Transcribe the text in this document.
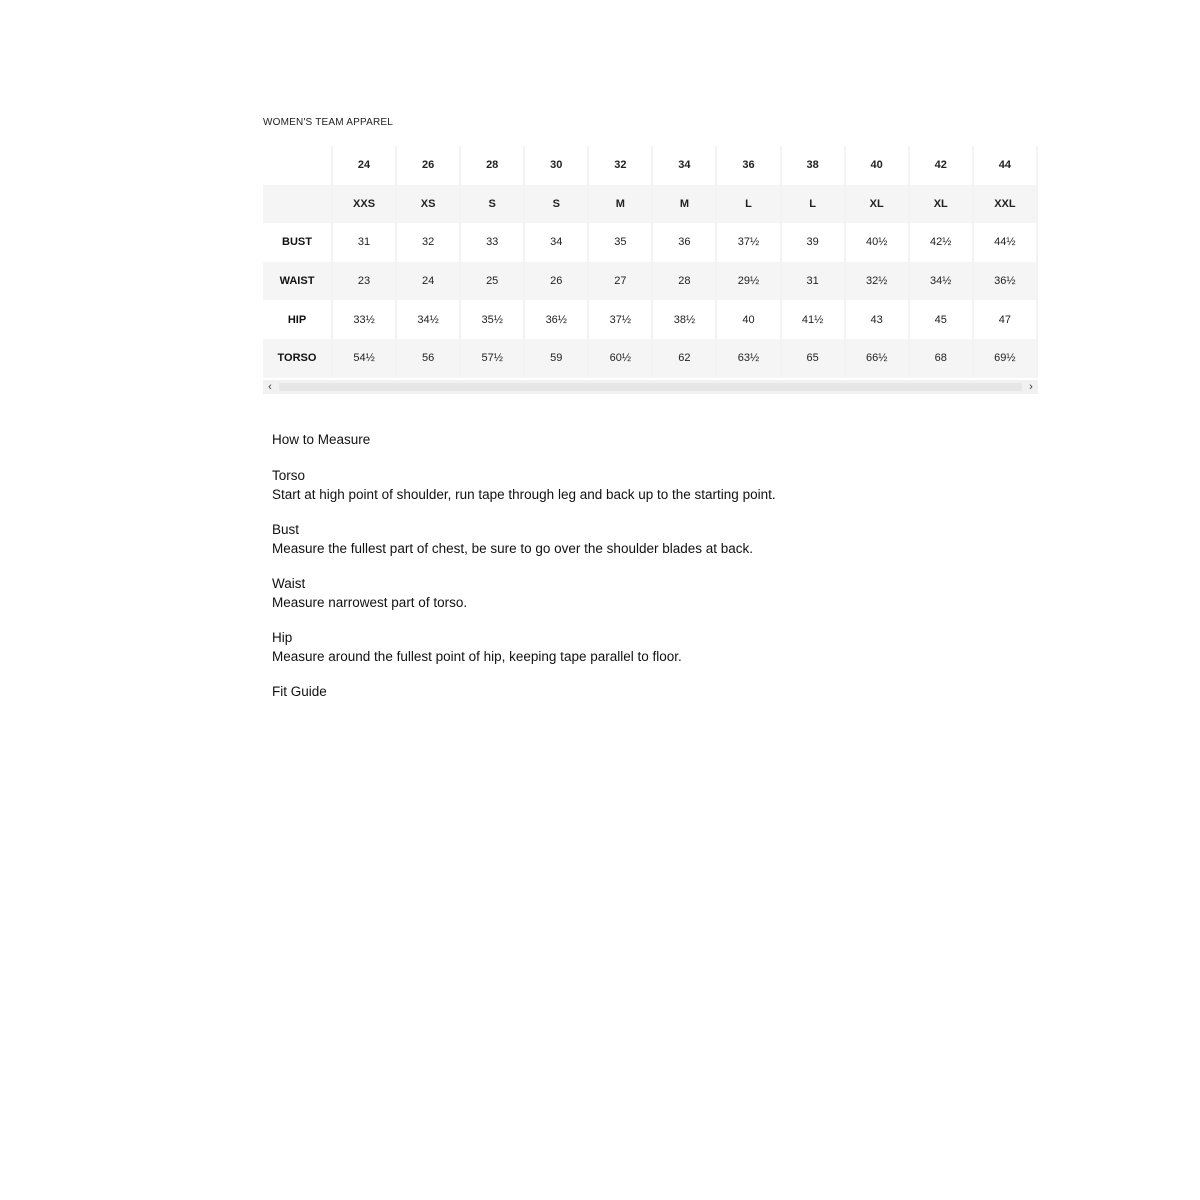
WOMEN'S TEAM APPAREL
	24	26	28	30	32	34	36	38	40	42	44
	XXS	XS	S	S	M	M	L	L	XL	XL	XXL
BUST	31	32	33	34	35	36	37½	39	40½	42½	44½
WAIST	23	24	25	26	27	28	29½	31	32½	34½	36½
HIP	33½	34½	35½	36½	37½	38½	40	41½	43	45	47
TORSO	54½	56	57½	59	60½	62	63½	65	66½	68	69½
‹	›
How to Measure
Torso
Start at high point of shoulder, run tape through leg and back up to the starting point.
Bust
Measure the fullest part of chest, be sure to go over the shoulder blades at back.
Waist
Measure narrowest part of torso.
Hip
Measure around the fullest point of hip, keeping tape parallel to floor.
Fit Guide
